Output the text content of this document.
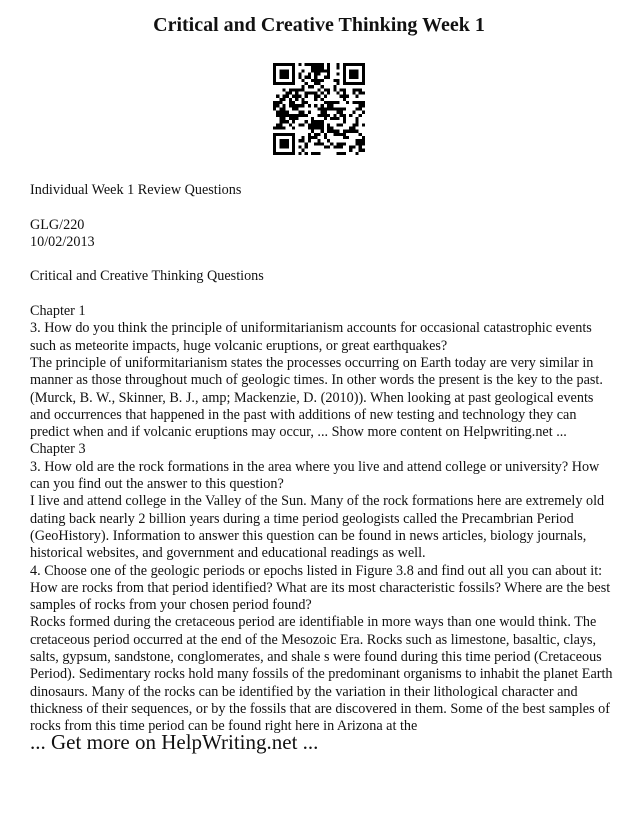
Critical and Creative Thinking Week 1

Individual Week 1 Review Questions

GLG/220

10/02/2013

Critical and Creative Thinking Questions

Chapter 1

3. How do you think the principle of uniformitarianism accounts for occasional catastrophic events such as meteorite impacts, huge volcanic eruptions, or great earthquakes?

The principle of uniformitarianism states the processes occurring on Earth today are very similar in manner as those throughout much of geologic times. In other words the present is the key to the past. (Murck, B. W., Skinner, B. J., amp; Mackenzie, D. (2010)). When looking at past geological events and occurrences that happened in the past with additions of new testing and technology they can predict when and if volcanic eruptions may occur, ... Show more content on Helpwriting.net ...

Chapter 3

3. How old are the rock formations in the area where you live and attend college or university? How can you find out the answer to this question?

I live and attend college in the Valley of the Sun. Many of the rock formations here are extremely old dating back nearly 2 billion years during a time period geologists called the Precambrian Period (GeoHistory). Information to answer this question can be found in news articles, biology journals, historical websites, and government and educational readings as well.

4. Choose one of the geologic periods or epochs listed in Figure 3.8 and find out all you can about it: How are rocks from that period identified? What are its most characteristic fossils? Where are the best samples of rocks from your chosen period found?

Rocks formed during the cretaceous period are identifiable in more ways than one would think. The cretaceous period occurred at the end of the Mesozoic Era. Rocks such as limestone, basaltic, clays, salts, gypsum, sandstone, conglomerates, and shale s were found during this time period (Cretaceous Period). Sedimentary rocks hold many fossils of the predominant organisms to inhabit the planet Earth dinosaurs. Many of the rocks can be identified by the variation in their lithological character and thickness of their sequences, or by the fossils that are discovered in them. Some of the best samples of rocks from this time period can be found right here in Arizona at the

... Get more on HelpWriting.net ...
